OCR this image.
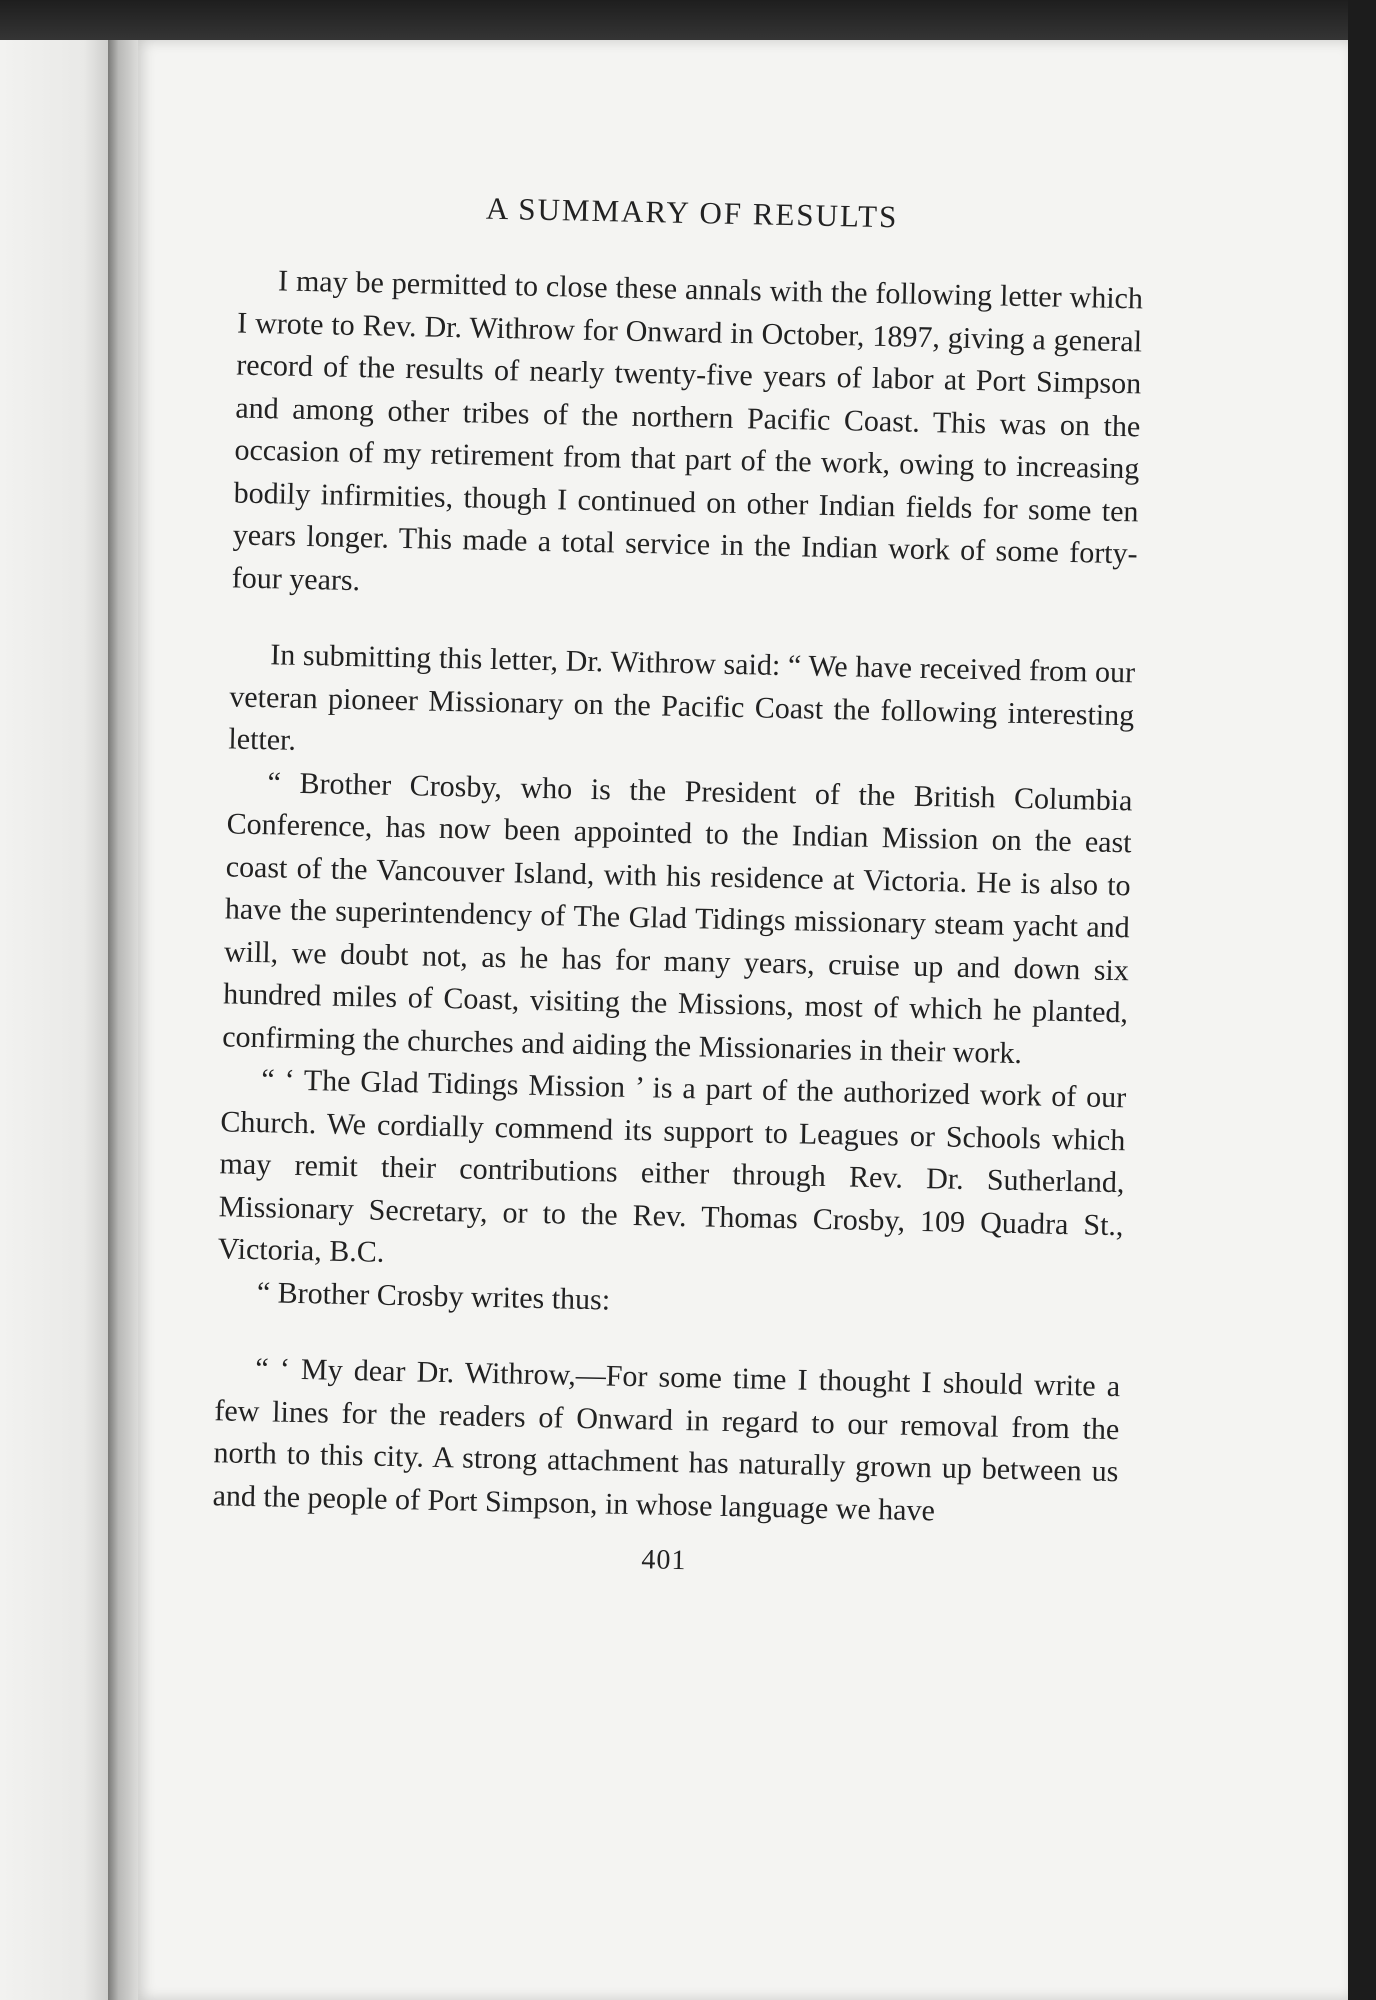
A SUMMARY OF RESULTS

I may be permitted to close these annals with the following letter which I wrote to Rev. Dr. Withrow for Onward in October, 1897, giving a general record of the results of nearly twenty-five years of labor at Port Simpson and among other tribes of the northern Pacific Coast. This was on the occasion of my retirement from that part of the work, owing to increasing bodily infirmities, though I continued on other Indian fields for some ten years longer. This made a total service in the Indian work of some forty-four years.

In submitting this letter, Dr. Withrow said: “ We have received from our veteran pioneer Missionary on the Pacific Coast the following interesting letter.

“ Brother Crosby, who is the President of the British Columbia Conference, has now been appointed to the Indian Mission on the east coast of the Vancouver Island, with his residence at Victoria. He is also to have the superintendency of The Glad Tidings missionary steam yacht and will, we doubt not, as he has for many years, cruise up and down six hundred miles of Coast, visiting the Missions, most of which he planted, confirming the churches and aiding the Missionaries in their work.

“ ‘ The Glad Tidings Mission ’ is a part of the authorized work of our Church. We cordially commend its support to Leagues or Schools which may remit their contributions either through Rev. Dr. Sutherland, Missionary Secretary, or to the Rev. Thomas Crosby, 109 Quadra St., Victoria, B.C.

“ Brother Crosby writes thus:

“ ‘ My dear Dr. Withrow,—For some time I thought I should write a few lines for the readers of Onward in regard to our removal from the north to this city. A strong attachment has naturally grown up between us and the people of Port Simpson, in whose language we have

401
